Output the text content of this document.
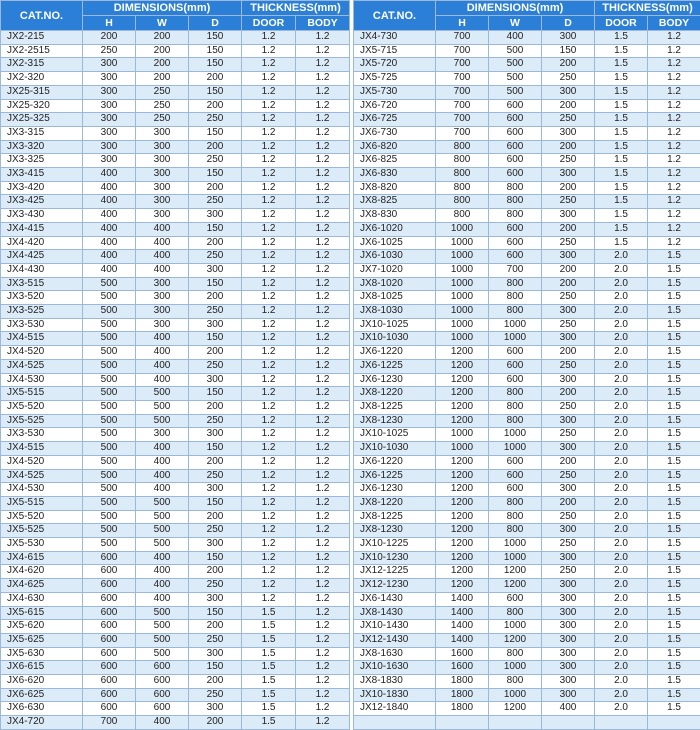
CAT.NO.	DIMENSIONS(mm)			THICKNESS(mm)	
	H	W	D	DOOR	BODY
JX2-215	200	200	150	1.2	1.2
JX2-2515	250	200	150	1.2	1.2
JX2-315	300	200	150	1.2	1.2
JX2-320	300	200	200	1.2	1.2
JX25-315	300	250	150	1.2	1.2
JX25-320	300	250	200	1.2	1.2
JX25-325	300	250	250	1.2	1.2
JX3-315	300	300	150	1.2	1.2
JX3-320	300	300	200	1.2	1.2
JX3-325	300	300	250	1.2	1.2
JX3-415	400	300	150	1.2	1.2
JX3-420	400	300	200	1.2	1.2
JX3-425	400	300	250	1.2	1.2
JX3-430	400	300	300	1.2	1.2
JX4-415	400	400	150	1.2	1.2
JX4-420	400	400	200	1.2	1.2
JX4-425	400	400	250	1.2	1.2
JX4-430	400	400	300	1.2	1.2
JX3-515	500	300	150	1.2	1.2
JX3-520	500	300	200	1.2	1.2
JX3-525	500	300	250	1.2	1.2
JX3-530	500	300	300	1.2	1.2
JX4-515	500	400	150	1.2	1.2
JX4-520	500	400	200	1.2	1.2
JX4-525	500	400	250	1.2	1.2
JX4-530	500	400	300	1.2	1.2
JX5-515	500	500	150	1.2	1.2
JX5-520	500	500	200	1.2	1.2
JX5-525	500	500	250	1.2	1.2
JX3-530	500	300	300	1.2	1.2
JX4-515	500	400	150	1.2	1.2
JX4-520	500	400	200	1.2	1.2
JX4-525	500	400	250	1.2	1.2
JX4-530	500	400	300	1.2	1.2
JX5-515	500	500	150	1.2	1.2
JX5-520	500	500	200	1.2	1.2
JX5-525	500	500	250	1.2	1.2
JX5-530	500	500	300	1.2	1.2
JX4-615	600	400	150	1.2	1.2
JX4-620	600	400	200	1.2	1.2
JX4-625	600	400	250	1.2	1.2
JX4-630	600	400	300	1.2	1.2
JX5-615	600	500	150	1.5	1.2
JX5-620	600	500	200	1.5	1.2
JX5-625	600	500	250	1.5	1.2
JX5-630	600	500	300	1.5	1.2
JX6-615	600	600	150	1.5	1.2
JX6-620	600	600	200	1.5	1.2
JX6-625	600	600	250	1.5	1.2
JX6-630	600	600	300	1.5	1.2
JX4-720	700	400	200	1.5	1.2
CAT.NO.	DIMENSIONS(mm)			THICKNESS(mm)	
	H	W	D	DOOR	BODY
JX4-730	700	400	300	1.5	1.2
JX5-715	700	500	150	1.5	1.2
JX5-720	700	500	200	1.5	1.2
JX5-725	700	500	250	1.5	1.2
JX5-730	700	500	300	1.5	1.2
JX6-720	700	600	200	1.5	1.2
JX6-725	700	600	250	1.5	1.2
JX6-730	700	600	300	1.5	1.2
JX6-820	800	600	200	1.5	1.2
JX6-825	800	600	250	1.5	1.2
JX6-830	800	600	300	1.5	1.2
JX8-820	800	800	200	1.5	1.2
JX8-825	800	800	250	1.5	1.2
JX8-830	800	800	300	1.5	1.2
JX6-1020	1000	600	200	1.5	1.2
JX6-1025	1000	600	250	1.5	1.2
JX6-1030	1000	600	300	2.0	1.5
JX7-1020	1000	700	200	2.0	1.5
JX8-1020	1000	800	200	2.0	1.5
JX8-1025	1000	800	250	2.0	1.5
JX8-1030	1000	800	300	2.0	1.5
JX10-1025	1000	1000	250	2.0	1.5
JX10-1030	1000	1000	300	2.0	1.5
JX6-1220	1200	600	200	2.0	1.5
JX6-1225	1200	600	250	2.0	1.5
JX6-1230	1200	600	300	2.0	1.5
JX8-1220	1200	800	200	2.0	1.5
JX8-1225	1200	800	250	2.0	1.5
JX8-1230	1200	800	300	2.0	1.5
JX10-1025	1000	1000	250	2.0	1.5
JX10-1030	1000	1000	300	2.0	1.5
JX6-1220	1200	600	200	2.0	1.5
JX6-1225	1200	600	250	2.0	1.5
JX6-1230	1200	600	300	2.0	1.5
JX8-1220	1200	800	200	2.0	1.5
JX8-1225	1200	800	250	2.0	1.5
JX8-1230	1200	800	300	2.0	1.5
JX10-1225	1200	1000	250	2.0	1.5
JX10-1230	1200	1000	300	2.0	1.5
JX12-1225	1200	1200	250	2.0	1.5
JX12-1230	1200	1200	300	2.0	1.5
JX6-1430	1400	600	300	2.0	1.5
JX8-1430	1400	800	300	2.0	1.5
JX10-1430	1400	1000	300	2.0	1.5
JX12-1430	1400	1200	300	2.0	1.5
JX8-1630	1600	800	300	2.0	1.5
JX10-1630	1600	1000	300	2.0	1.5
JX8-1830	1800	800	300	2.0	1.5
JX10-1830	1800	1000	300	2.0	1.5
JX12-1840	1800	1200	400	2.0	1.5
